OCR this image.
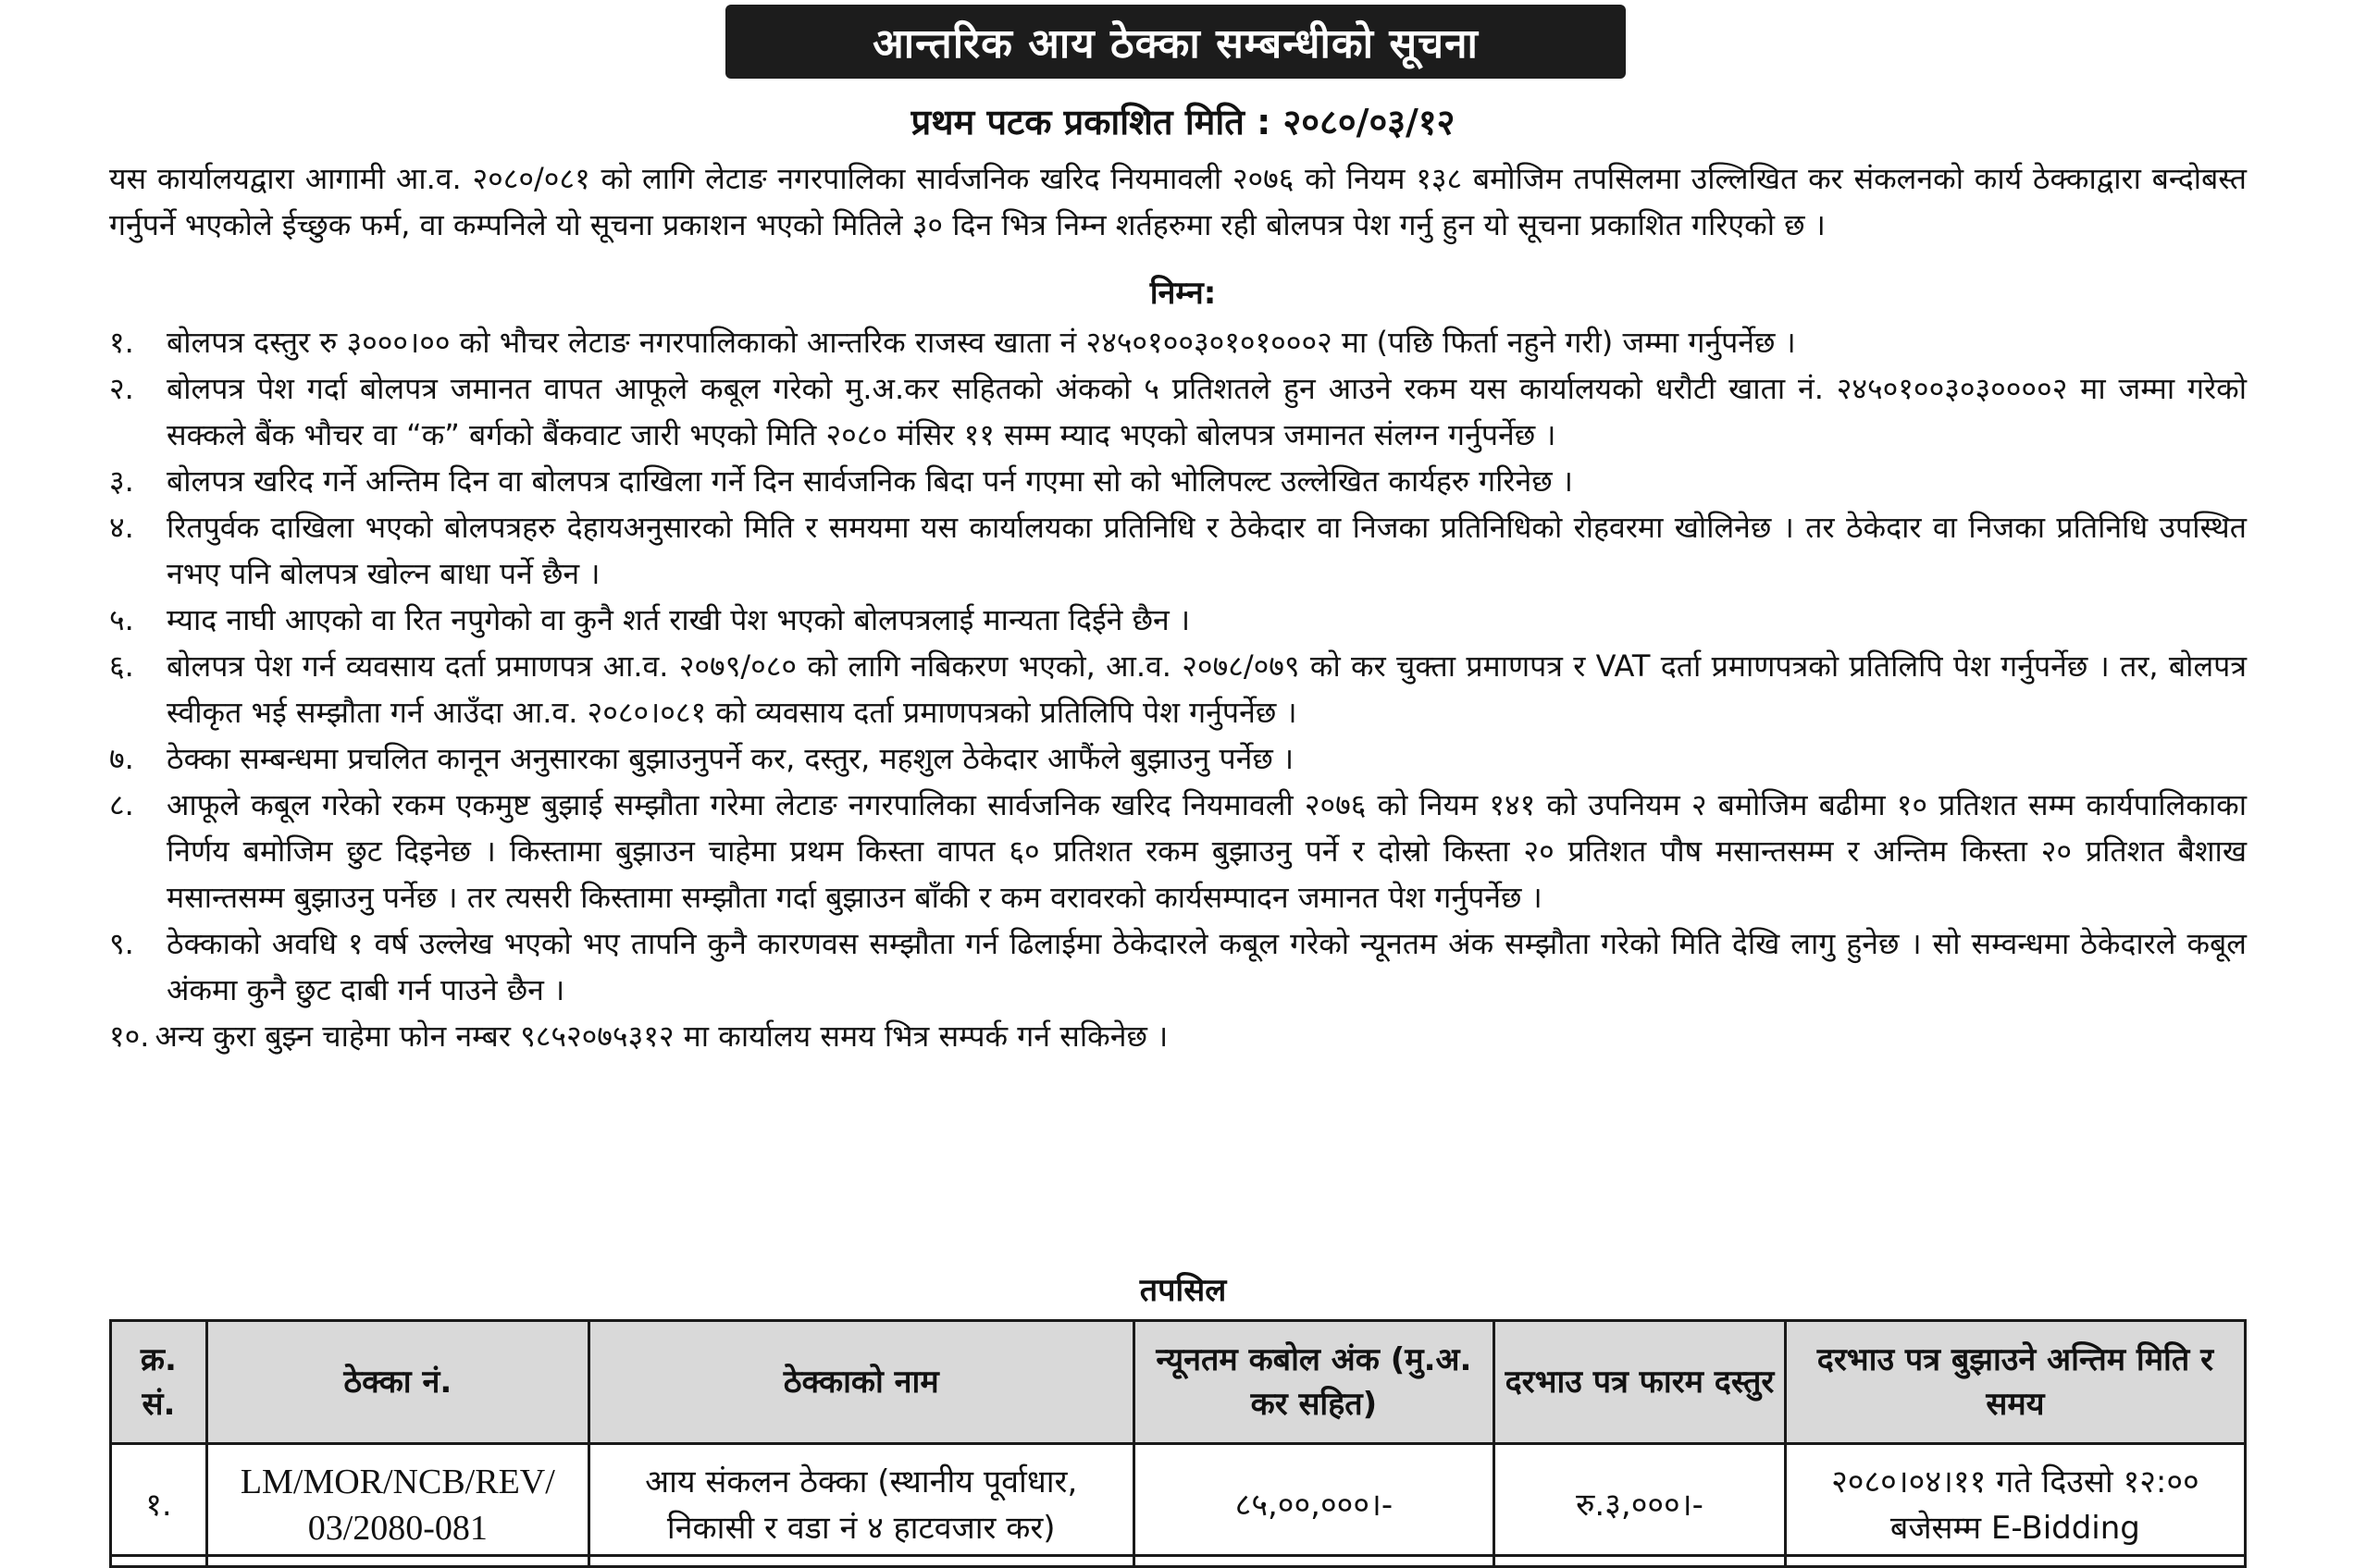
आन्तरिक आय ठेक्का सम्बन्धीको सूचना
प्रथम पटक प्रकाशित मिति : २०८०/०३/१२
यस कार्यालयद्वारा आगामी आ.व. २०८०/०८१ को लागि लेटाङ नगरपालिका सार्वजनिक खरिद नियमावली २०७६ को नियम १३८ बमोजिम तपसिलमा उल्लिखित कर संकलनको कार्य ठेक्काद्वारा बन्दोबस्त गर्नुपर्ने भएकोले ईच्छुक फर्म, वा कम्पनिले यो सूचना प्रकाशन भएको मितिले ३० दिन भित्र निम्न शर्तहरुमा रही बोलपत्र पेश गर्नु हुन यो सूचना प्रकाशित गरिएको छ ।
निम्न:
१.	बोलपत्र दस्तुर रु ३०००।०० को भौचर लेटाङ नगरपालिकाको आन्तरिक राजस्व खाता नं २४५०१००३०१०१०००२ मा (पछि फिर्ता नहुने गरी) जम्मा गर्नुपर्नेछ ।
२.	बोलपत्र पेश गर्दा बोलपत्र जमानत वापत आफूले कबूल गरेको मु.अ.कर सहितको अंकको ५ प्रतिशतले हुन आउने रकम यस कार्यालयको धरौटी खाता नं. २४५०१००३०३००००२ मा जम्मा गरेको सक्कले बैंक भौचर वा “क” बर्गको बैंकवाट जारी भएको मिति २०८० मंसिर ११ सम्म म्याद भएको बोलपत्र जमानत संलग्न गर्नुपर्नेछ ।
३.	बोलपत्र खरिद गर्ने अन्तिम दिन वा बोलपत्र दाखिला गर्ने दिन सार्वजनिक बिदा पर्न गएमा सो को भोलिपल्ट उल्लेखित कार्यहरु गरिनेछ ।
४.	रितपुर्वक दाखिला भएको बोलपत्रहरु देहायअनुसारको मिति र समयमा यस कार्यालयका प्रतिनिधि र ठेकेदार वा निजका प्रतिनिधिको रोहवरमा खोलिनेछ । तर ठेकेदार वा निजका प्रतिनिधि उपस्थित नभए पनि बोलपत्र खोल्न बाधा पर्ने छैन ।
५.	म्याद नाघी आएको वा रित नपुगेको वा कुनै शर्त राखी पेश भएको बोलपत्रलाई मान्यता दिईने छैन ।
६.	बोलपत्र पेश गर्न व्यवसाय दर्ता प्रमाणपत्र आ.व. २०७९/०८० को लागि नबिकरण भएको, आ.व. २०७८/०७९ को कर चुक्ता प्रमाणपत्र र VAT दर्ता प्रमाणपत्रको प्रतिलिपि पेश गर्नुपर्नेछ । तर, बोलपत्र स्वीकृत भई सम्झौता गर्न आउँदा आ.व. २०८०।०८१ को व्यवसाय दर्ता प्रमाणपत्रको प्रतिलिपि पेश गर्नुपर्नेछ ।
७.	ठेक्का सम्बन्धमा प्रचलित कानून अनुसारका बुझाउनुपर्ने कर, दस्तुर, महशुल ठेकेदार आफैंले बुझाउनु पर्नेछ ।
८.	आफूले कबूल गरेको रकम एकमुष्ट बुझाई सम्झौता गरेमा लेटाङ नगरपालिका सार्वजनिक खरिद नियमावली २०७६ को नियम १४१ को उपनियम २ बमोजिम बढीमा १० प्रतिशत सम्म कार्यपालिकाका निर्णय बमोजिम छुट दिइनेछ । किस्तामा बुझाउन चाहेमा प्रथम किस्ता वापत ६० प्रतिशत रकम बुझाउनु पर्ने र दोस्रो किस्ता २० प्रतिशत पौष मसान्तसम्म र अन्तिम किस्ता २० प्रतिशत बैशाख मसान्तसम्म बुझाउनु पर्नेछ । तर त्यसरी किस्तामा सम्झौता गर्दा बुझाउन बाँकी र कम वरावरको कार्यसम्पादन जमानत पेश गर्नुपर्नेछ ।
९.	ठेक्काको अवधि १ वर्ष उल्लेख भएको भए तापनि कुनै कारणवस सम्झौता गर्न ढिलाईमा ठेकेदारले कबूल गरेको न्यूनतम अंक सम्झौता गरेको मिति देखि लागु हुनेछ । सो सम्वन्धमा ठेकेदारले कबूल अंकमा कुनै छुट दाबी गर्न पाउने छैन ।
१०. अन्य कुरा बुझ्न चाहेमा फोन नम्बर ९८५२०७५३१२ मा कार्यालय समय भित्र सम्पर्क गर्न सकिनेछ ।
तपसिल
क्र. सं.	ठेक्का नं.	ठेक्काको नाम	न्यूनतम कबोल अंक (मु.अ. कर सहित)	दरभाउ पत्र फारम दस्तुर	दरभाउ पत्र बुझाउने अन्तिम मिति र समय
१.	LM/MOR/NCB/REV/ 03/2080-081	आय संकलन ठेक्का (स्थानीय पूर्वाधार, निकासी र वडा नं ४ हाटवजार कर)	८५,००,०००।-	रु.३,०००।-	२०८०।०४।११ गते दिउसो १२:०० बजेसम्म E-Bidding
